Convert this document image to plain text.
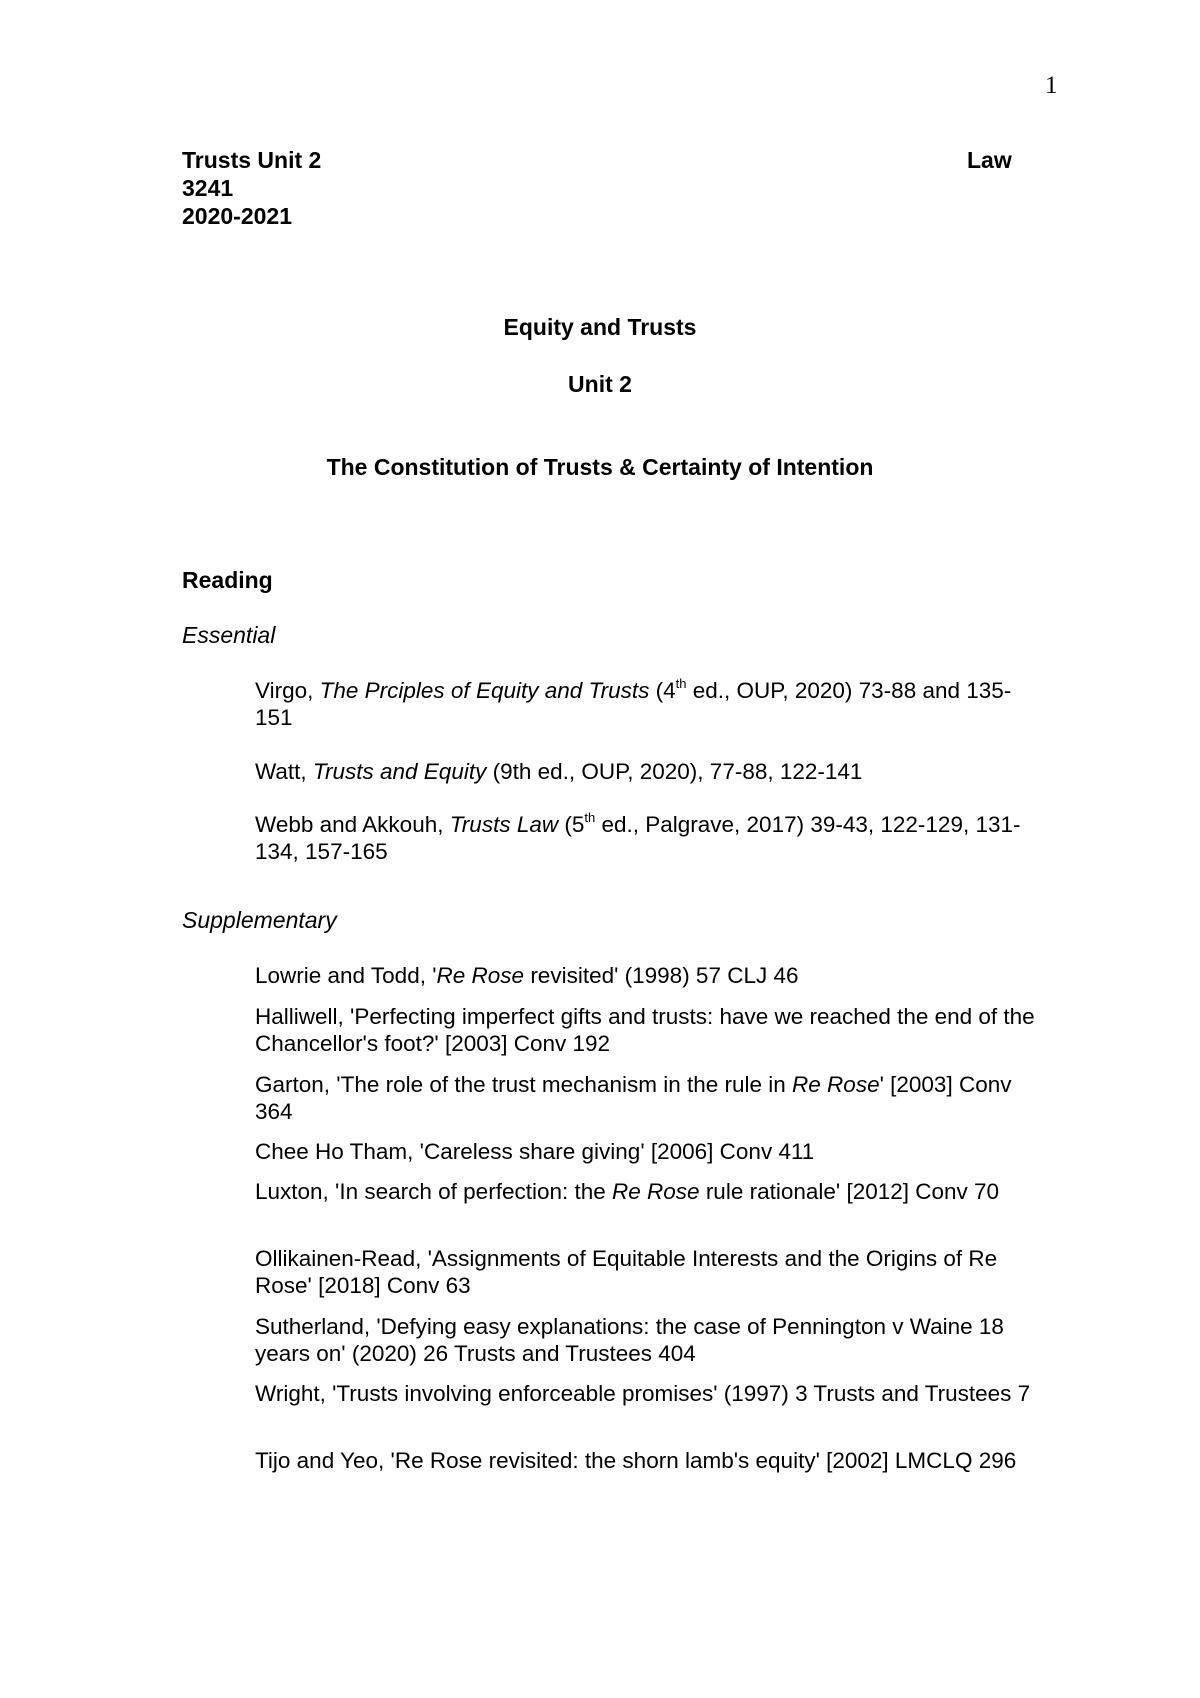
1
Trusts Unit 2	Law
3241
2020-2021
Equity and Trusts
Unit 2
The Constitution of Trusts & Certainty of Intention
Reading
Essential
Virgo, The Prciples of Equity and Trusts (4th ed., OUP, 2020) 73-88 and 135-151
Watt, Trusts and Equity (9th ed., OUP, 2020), 77-88, 122-141
Webb and Akkouh, Trusts Law (5th ed., Palgrave, 2017) 39-43, 122-129, 131-134, 157-165
Supplementary
Lowrie and Todd, 'Re Rose revisited' (1998) 57 CLJ 46
Halliwell, 'Perfecting imperfect gifts and trusts: have we reached the end of the Chancellor's foot?' [2003] Conv 192
Garton, 'The role of the trust mechanism in the rule in Re Rose' [2003] Conv 364
Chee Ho Tham, 'Careless share giving' [2006] Conv 411
Luxton, 'In search of perfection: the Re Rose rule rationale' [2012] Conv 70
Ollikainen-Read, 'Assignments of Equitable Interests and the Origins of Re Rose' [2018] Conv 63
Sutherland, 'Defying easy explanations: the case of Pennington v Waine 18 years on' (2020) 26 Trusts and Trustees 404
Wright, 'Trusts involving enforceable promises' (1997) 3 Trusts and Trustees 7
Tijo and Yeo, 'Re Rose revisited: the shorn lamb's equity' [2002] LMCLQ 296
